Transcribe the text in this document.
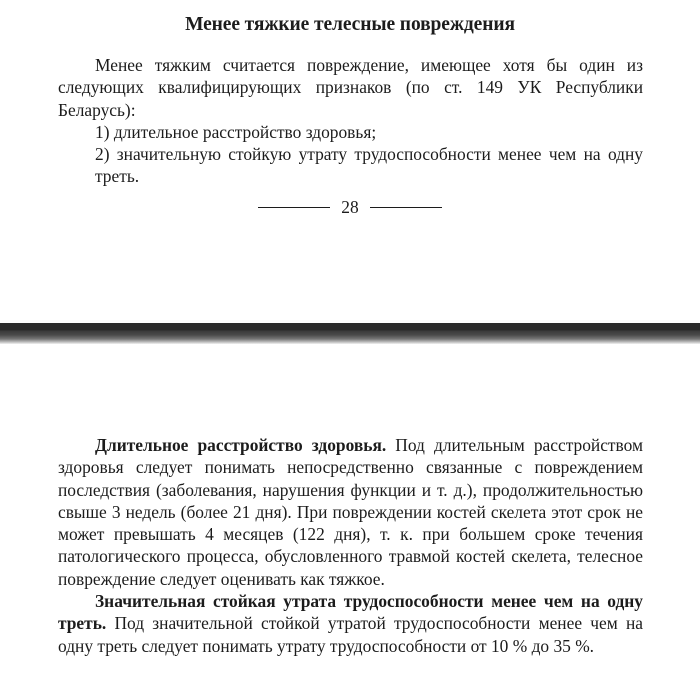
Менее тяжкие телесные повреждения

Менее тяжким считается повреждение, имеющее хотя бы один из следующих квалифицирующих признаков (по ст. 149 УК Республики Беларусь):

1) длительное расстройство здоровья;

2) значительную стойкую утрату трудоспособности менее чем на одну треть.

28

Длительное расстройство здоровья. Под длительным расстройством здоровья следует понимать непосредственно связанные с повреждением последствия (заболевания, нарушения функции и т. д.), продолжительностью свыше 3 недель (более 21 дня). При повреждении костей скелета этот срок не может превышать 4 месяцев (122 дня), т. к. при большем сроке течения патологического процесса, обусловленного травмой костей скелета, телесное повреждение следует оценивать как тяжкое.

Значительная стойкая утрата трудоспособности менее чем на одну треть. Под значительной стойкой утратой трудоспособности менее чем на одну треть следует понимать утрату трудоспособности от 10 % до 35 %.
